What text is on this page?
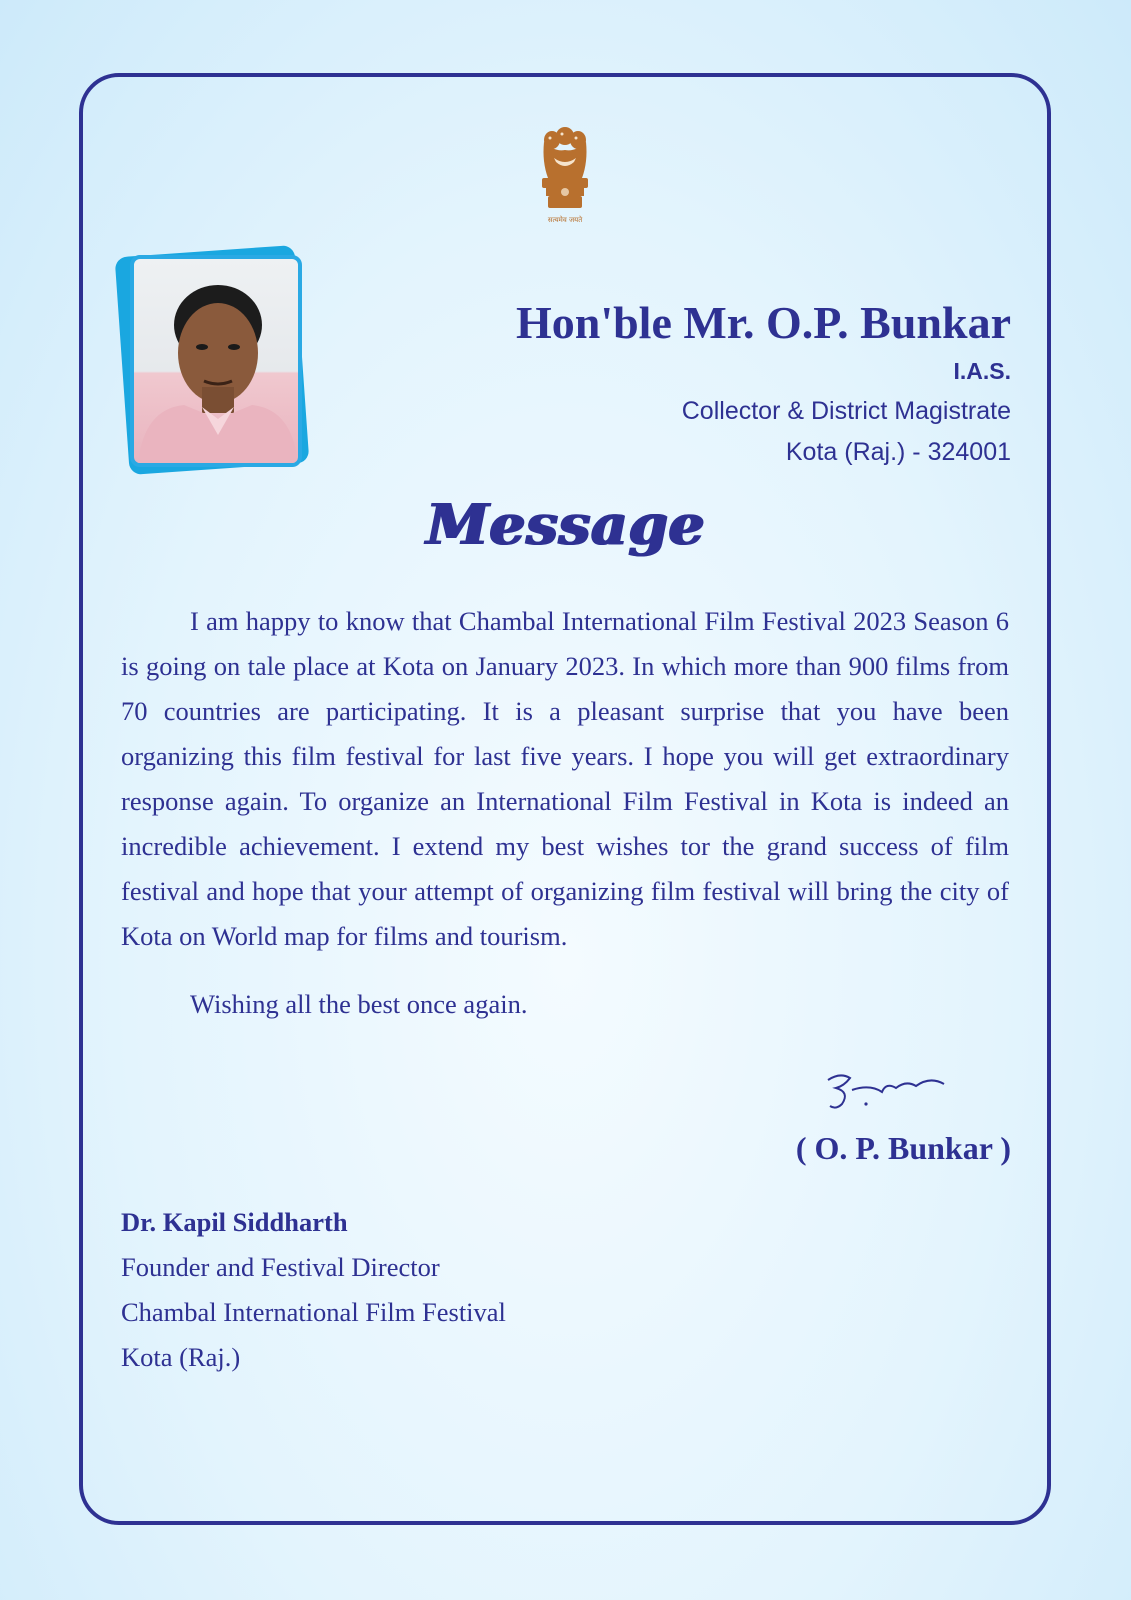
सत्यमेव जयते
Hon'ble Mr. O.P. Bunkar
I.A.S.
Collector & District Magistrate
Kota (Raj.) - 324001
Message

I am happy to know that Chambal International Film Festival 2023 Season 6 is going on tale place at Kota on January 2023. In which more than 900 films from 70 countries are participating. It is a pleasant surprise that you have been organizing this film festival for last five years. I hope you will get extraordinary response again. To organize an International Film Festival in Kota is indeed an incredible achievement. I extend my best wishes tor the grand success of film festival and hope that your attempt of organizing film festival will bring the city of Kota on World map for films and tourism.

Wishing all the best once again.

( O. P. Bunkar )

Dr. Kapil Siddharth
Founder and Festival Director
Chambal International Film Festival
Kota (Raj.)
